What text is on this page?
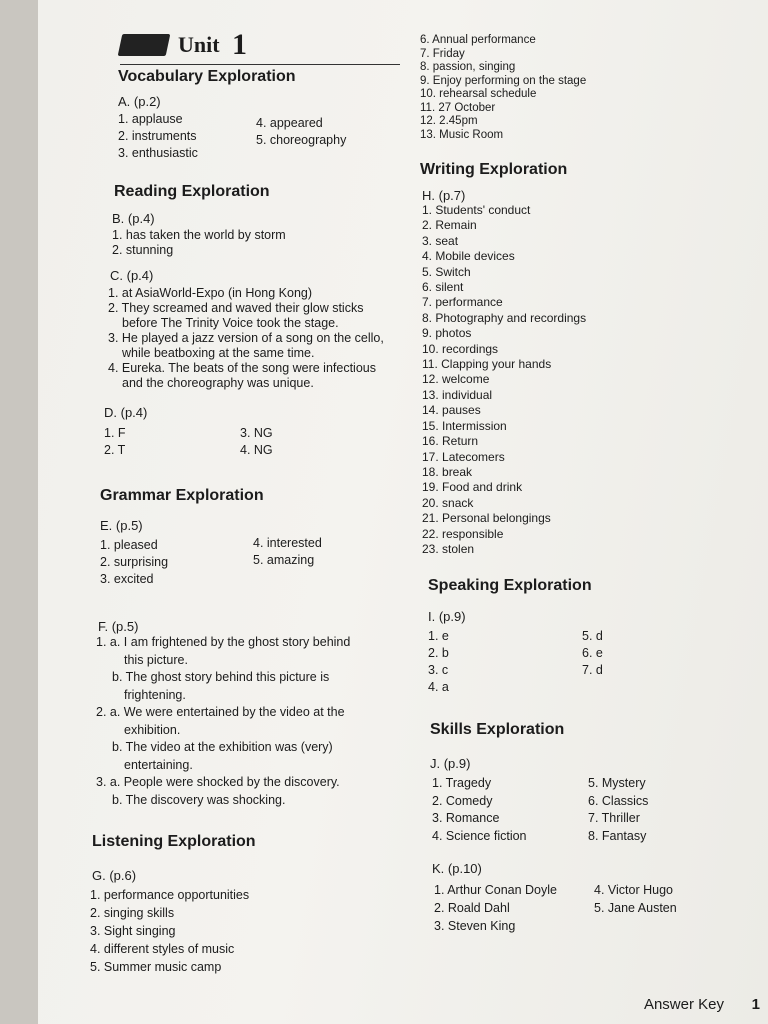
Unit 1
Vocabulary Exploration
A. (p.2)
1. applause
2. instruments
3. enthusiastic
4. appeared
5. choreography
Reading Exploration
B. (p.4)
1. has taken the world by storm
2. stunning
C. (p.4)
1. at AsiaWorld-Expo (in Hong Kong)
2. They screamed and waved their glow sticks
before The Trinity Voice took the stage.
3. He played a jazz version of a song on the cello,
while beatboxing at the same time.
4. Eureka. The beats of the song were infectious
and the choreography was unique.
D. (p.4)
1. F
2. T
3. NG
4. NG
Grammar Exploration
E. (p.5)
1. pleased
2. surprising
3. excited
4. interested
5. amazing
F. (p.5)
1. a. I am frightened by the ghost story behind
this picture.
b. The ghost story behind this picture is
frightening.
2. a. We were entertained by the video at the
exhibition.
b. The video at the exhibition was (very)
entertaining.
3. a. People were shocked by the discovery.
b. The discovery was shocking.
Listening Exploration
G. (p.6)
1. performance opportunities
2. singing skills
3. Sight singing
4. different styles of music
5. Summer music camp
6. Annual performance
7. Friday
8. passion, singing
9. Enjoy performing on the stage
10. rehearsal schedule
11. 27 October
12. 2.45pm
13. Music Room
Writing Exploration
H. (p.7)
1. Students' conduct
2. Remain
3. seat
4. Mobile devices
5. Switch
6. silent
7. performance
8. Photography and recordings
9. photos
10. recordings
11. Clapping your hands
12. welcome
13. individual
14. pauses
15. Intermission
16. Return
17. Latecomers
18. break
19. Food and drink
20. snack
21. Personal belongings
22. responsible
23. stolen
Speaking Exploration
I. (p.9)
1. e
2. b
3. c
4. a
5. d
6. e
7. d
Skills Exploration
J. (p.9)
1. Tragedy
2. Comedy
3. Romance
4. Science fiction
5. Mystery
6. Classics
7. Thriller
8. Fantasy
K. (p.10)
1. Arthur Conan Doyle
2. Roald Dahl
3. Steven King
4. Victor Hugo
5. Jane Austen
Answer Key 1
